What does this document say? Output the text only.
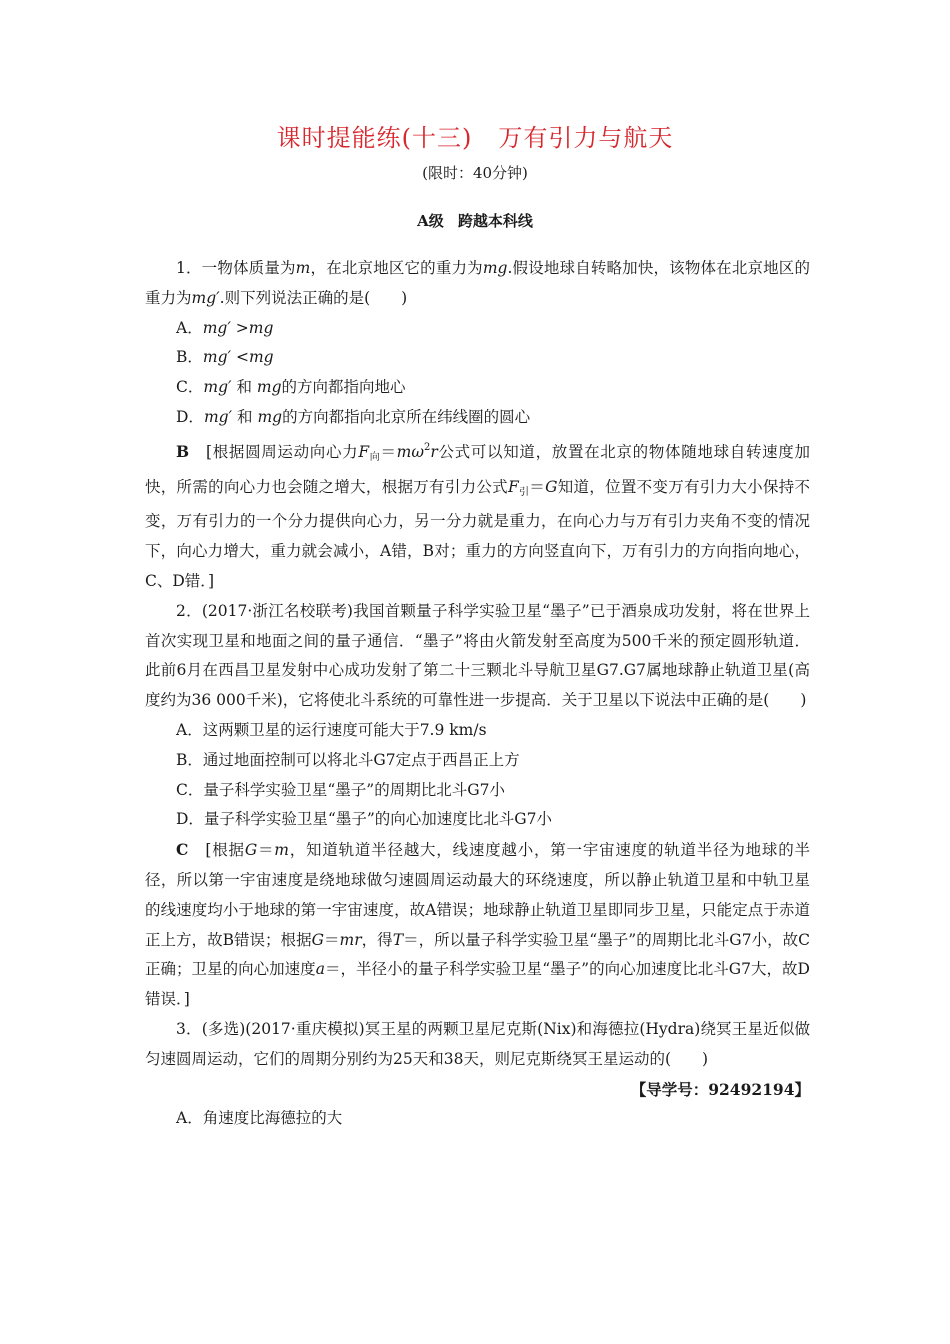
课时提能练(十三) 万有引力与航天
(限时：40分钟)
A级 跨越本科线

1．一物体质量为m，在北京地区它的重力为mg.假设地球自转略加快，该物体在北京地区的重力为mg′.则下列说法正确的是(　　)

A．mg′ >mg

B．mg′ <mg

C．mg′ 和 mg的方向都指向地心

D．mg′ 和 mg的方向都指向北京所在纬线圈的圆心

B　[根据圆周运动向心力$F_向=m\omega^2r$公式可以知道，放置在北京的物体随地球自转速度加快，所需的向心力也会随之增大，根据万有引力公式$F_引=G$知道，位置不变万有引力大小保持不变，万有引力的一个分力提供向心力，另一分力就是重力，在向心力与万有引力夹角不变的情况下，向心力增大，重力就会减小，A错，B对；重力的方向竖直向下，万有引力的方向指向地心，C、D错．]

2．(2017·浙江名校联考)我国首颗量子科学实验卫星“墨子”已于酒泉成功发射，将在世界上首次实现卫星和地面之间的量子通信．“墨子”将由火箭发射至高度为500千米的预定圆形轨道．此前6月在西昌卫星发射中心成功发射了第二十三颗北斗导航卫星G7.G7属地球静止轨道卫星(高度约为36 000千米)，它将使北斗系统的可靠性进一步提高．关于卫星以下说法中正确的是(　　)

A．这两颗卫星的运行速度可能大于7.9 km/s

B．通过地面控制可以将北斗G7定点于西昌正上方

C．量子科学实验卫星“墨子”的周期比北斗G7小

D．量子科学实验卫星“墨子”的向心加速度比北斗G7小

C　[根据G＝m，知道轨道半径越大，线速度越小，第一宇宙速度的轨道半径为地球的半径，所以第一宇宙速度是绕地球做匀速圆周运动最大的环绕速度，所以静止轨道卫星和中轨卫星的线速度均小于地球的第一宇宙速度，故A错误；地球静止轨道卫星即同步卫星，只能定点于赤道正上方，故B错误；根据G＝mr，得T＝，所以量子科学实验卫星“墨子”的周期比北斗G7小，故C正确；卫星的向心加速度a＝，半径小的量子科学实验卫星“墨子”的向心加速度比北斗G7大，故D错误．]

3．(多选)(2017·重庆模拟)冥王星的两颗卫星尼克斯(Nix)和海德拉(Hydra)绕冥王星近似做匀速圆周运动，它们的周期分别约为25天和38天，则尼克斯绕冥王星运动的(　　)

【导学号：92492194】

A．角速度比海德拉的大
